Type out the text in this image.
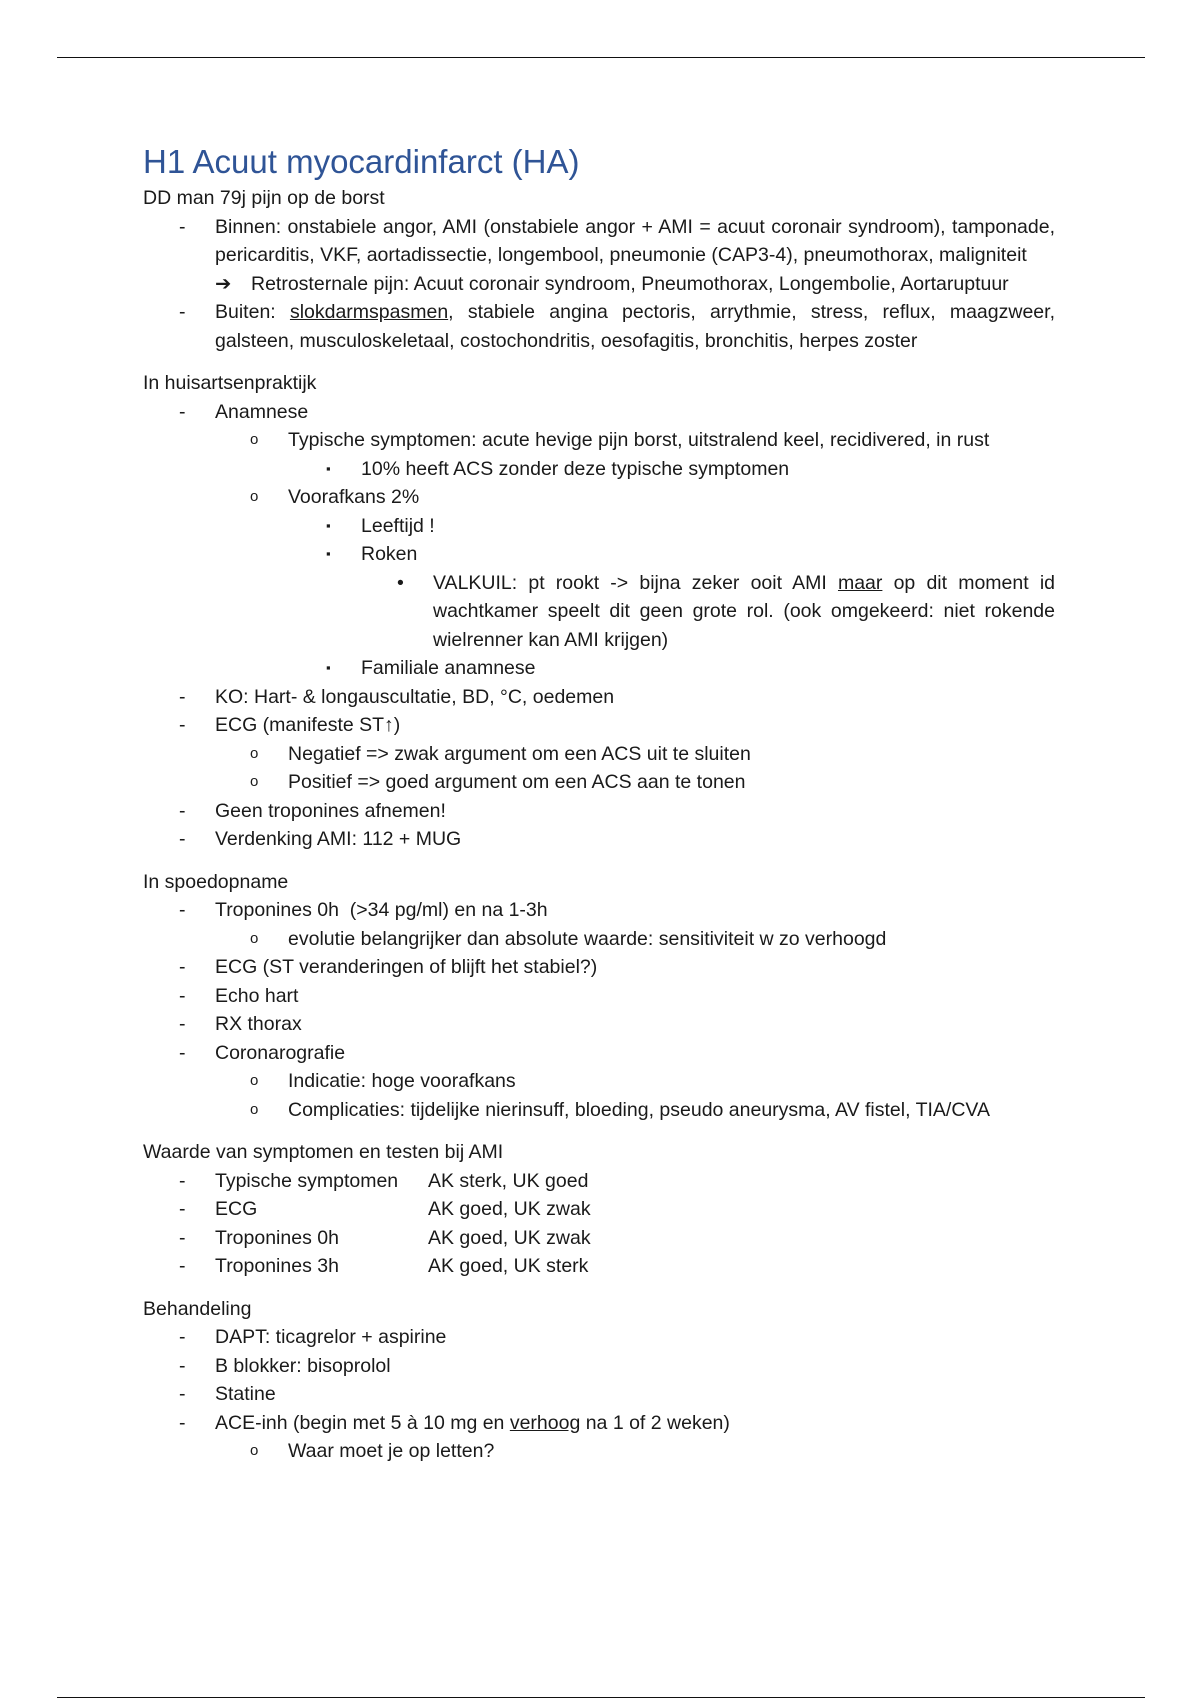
H1 Acuut myocardinfarct (HA)

DD man 79j pijn op de borst

- Binnen: onstabiele angor, AMI (onstabiele angor + AMI = acuut coronair syndroom), tamponade, pericarditis, VKF, aortadissectie, longembool, pneumonie (CAP3-4), pneumothorax, maligniteit
➔ Retrosternale pijn: Acuut coronair syndroom, Pneumothorax, Longembolie, Aortaruptuur
- Buiten: slokdarmspasmen, stabiele angina pectoris, arrythmie, stress, reflux, maagzweer, galsteen, musculoskeletaal, costochondritis, oesofagitis, bronchitis, herpes zoster

In huisartsenpraktijk

- Anamnese
o Typische symptomen: acute hevige pijn borst, uitstralend keel, recidivered, in rust
▪ 10% heeft ACS zonder deze typische symptomen
o Voorafkans 2%
▪ Leeftijd !
▪ Roken
• VALKUIL: pt rookt -> bijna zeker ooit AMI maar op dit moment id wachtkamer speelt dit geen grote rol. (ook omgekeerd: niet rokende wielrenner kan AMI krijgen)
▪ Familiale anamnese
- KO: Hart- & longauscultatie, BD, °C, oedemen
- ECG (manifeste ST↑)
o Negatief => zwak argument om een ACS uit te sluiten
o Positief => goed argument om een ACS aan te tonen
- Geen troponines afnemen!
- Verdenking AMI: 112 + MUG

In spoedopname

- Troponines 0h  (>34 pg/ml) en na 1-3h
o evolutie belangrijker dan absolute waarde: sensitiviteit w zo verhoogd
- ECG (ST veranderingen of blijft het stabiel?)
- Echo hart
- RX thorax
- Coronarografie
o Indicatie: hoge voorafkans
o Complicaties: tijdelijke nierinsuff, bloeding, pseudo aneurysma, AV fistel, TIA/CVA

Waarde van symptomen en testen bij AMI

- Typische symptomen AK sterk, UK goed
- ECG	AK goed, UK zwak
- Troponines 0h	AK goed, UK zwak
- Troponines 3h	AK goed, UK sterk

Behandeling

- DAPT: ticagrelor + aspirine
- B blokker: bisoprolol
- Statine
- ACE-inh (begin met 5 à 10 mg en verhoog na 1 of 2 weken)
o Waar moet je op letten?
